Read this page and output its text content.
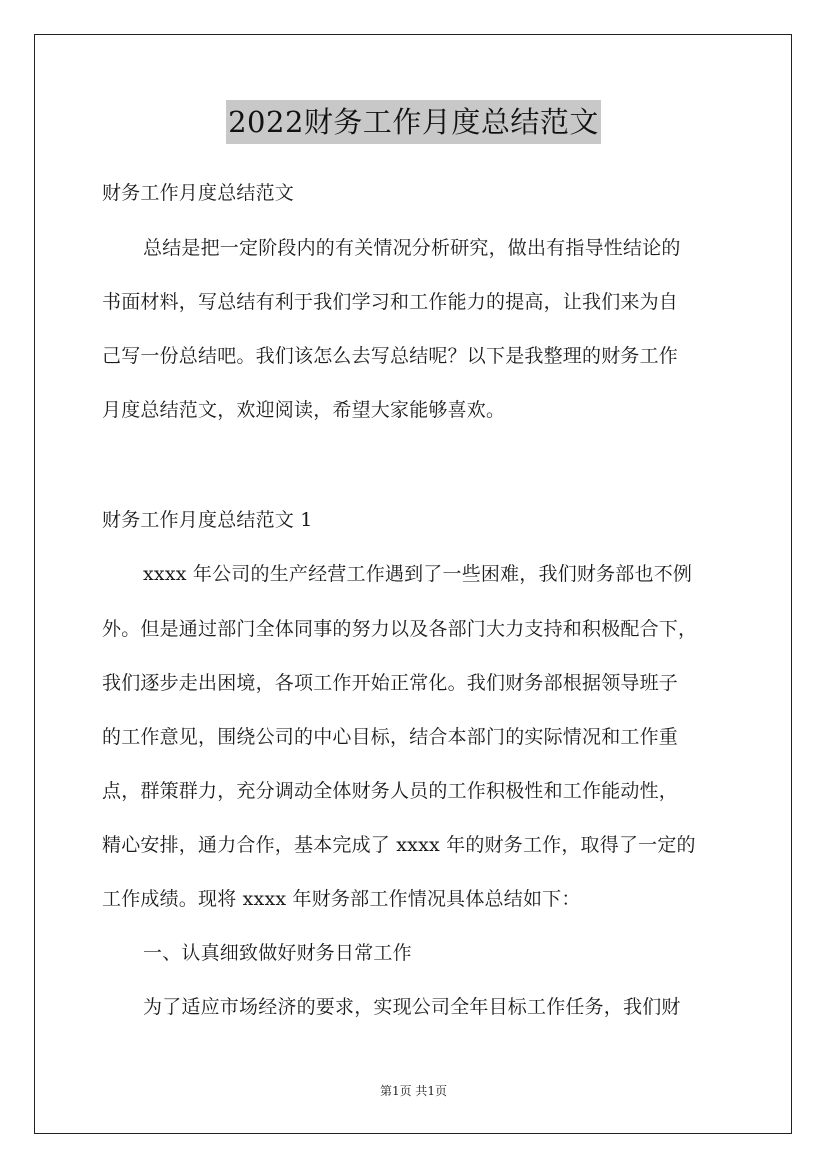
2022财务工作月度总结范文
财务工作月度总结范文
总结是把一定阶段内的有关情况分析研究，做出有指导性结论的
书面材料，写总结有利于我们学习和工作能力的提高，让我们来为自
己写一份总结吧。我们该怎么去写总结呢？以下是我整理的财务工作
月度总结范文，欢迎阅读，希望大家能够喜欢。
财务工作月度总结范文 1
xxxx 年公司的生产经营工作遇到了一些困难，我们财务部也不例
外。但是通过部门全体同事的努力以及各部门大力支持和积极配合下，
我们逐步走出困境，各项工作开始正常化。我们财务部根据领导班子
的工作意见，围绕公司的中心目标，结合本部门的实际情况和工作重
点，群策群力，充分调动全体财务人员的工作积极性和工作能动性，
精心安排，通力合作，基本完成了 xxxx 年的财务工作，取得了一定的
工作成绩。现将 xxxx 年财务部工作情况具体总结如下：
一、认真细致做好财务日常工作
为了适应市场经济的要求，实现公司全年目标工作任务，我们财
第1页 共1页
